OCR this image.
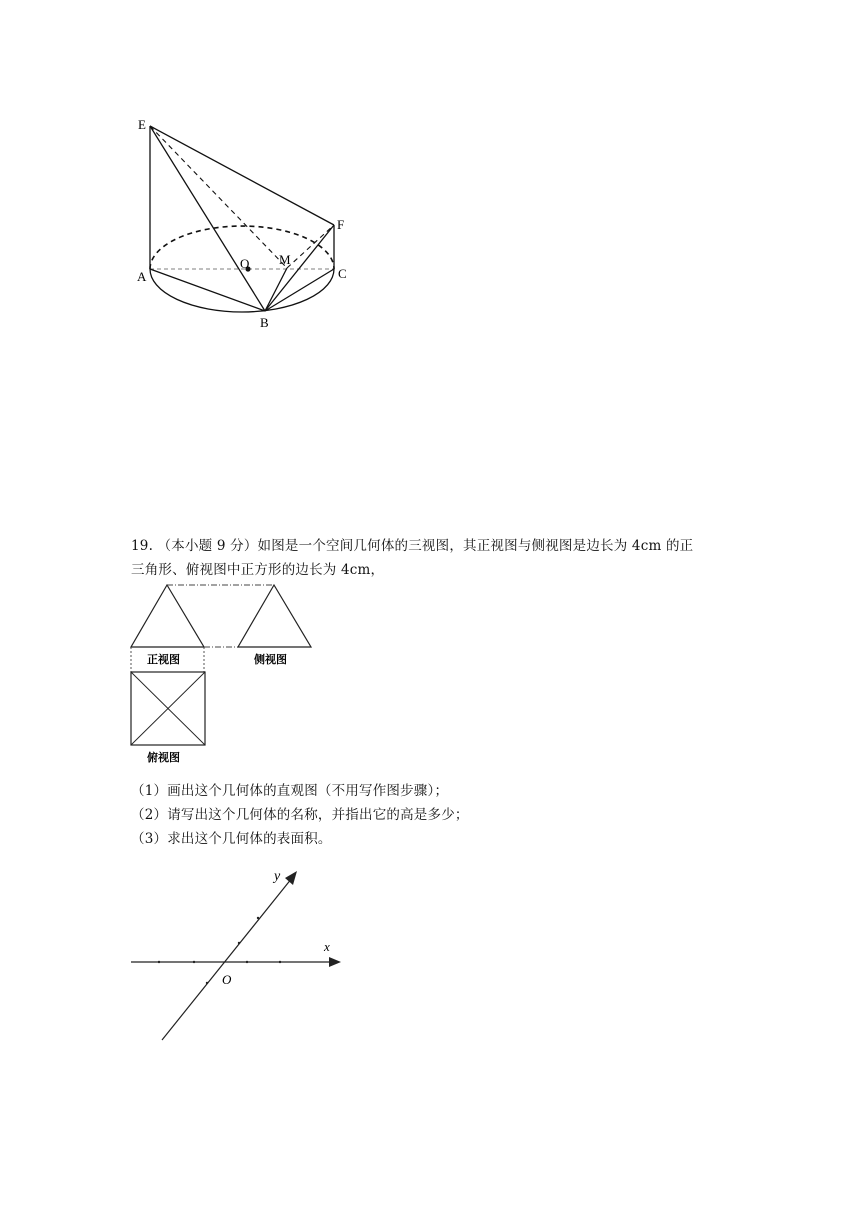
E
F
A
O M
C
B
19. （本小题 9 分）如图是一个空间几何体的三视图，其正视图与侧视图是边长为 4cm 的正
三角形、俯视图中正方形的边长为 4cm，
正视图	侧视图
俯视图
（1）画出这个几何体的直观图（不用写作图步骤）；
（2）请写出这个几何体的名称，并指出它的高是多少；
（3）求出这个几何体的表面积。
x
y
O
